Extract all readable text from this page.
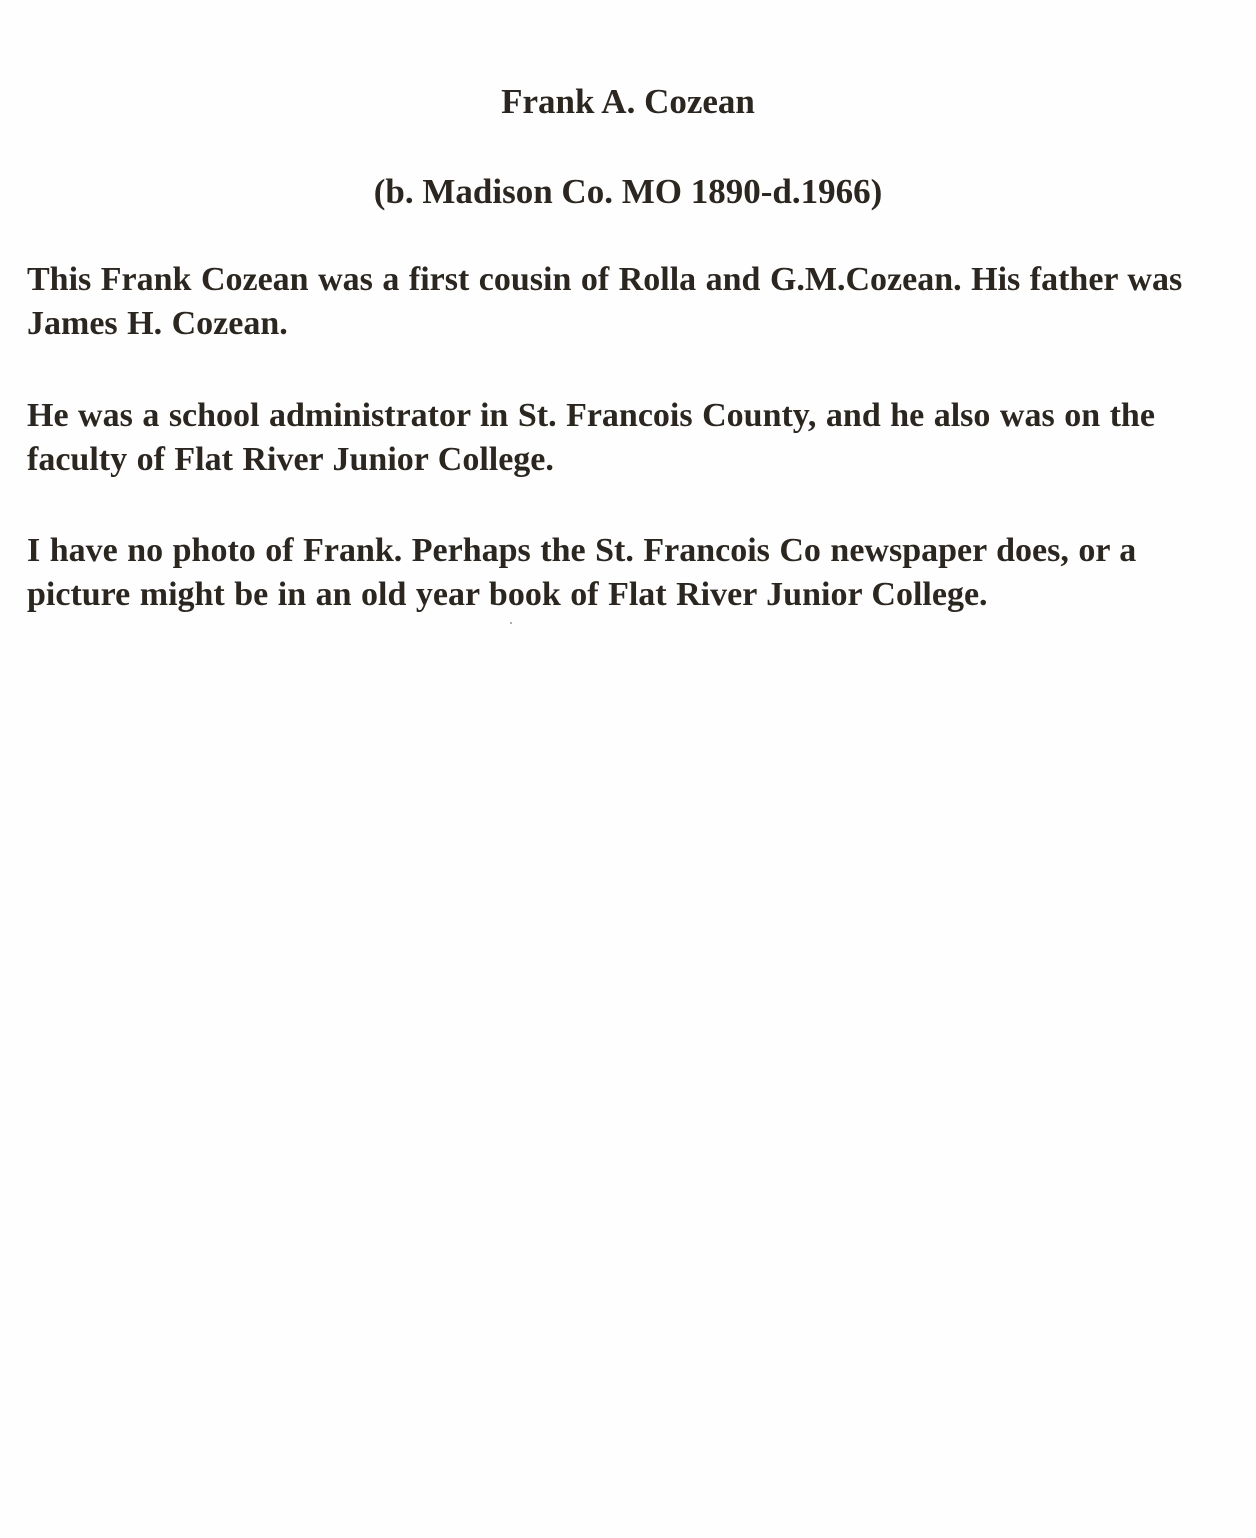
Frank A. Cozean

(b. Madison Co. MO 1890-d.1966)

This Frank Cozean was a first cousin of Rolla and G.M.Cozean. His father was James H. Cozean.

He was a school administrator in St. Francois County, and he also was on the faculty of Flat River Junior College.

I have no photo of Frank. Perhaps the St. Francois Co newspaper does, or a picture might be in an old year book of Flat River Junior College.
